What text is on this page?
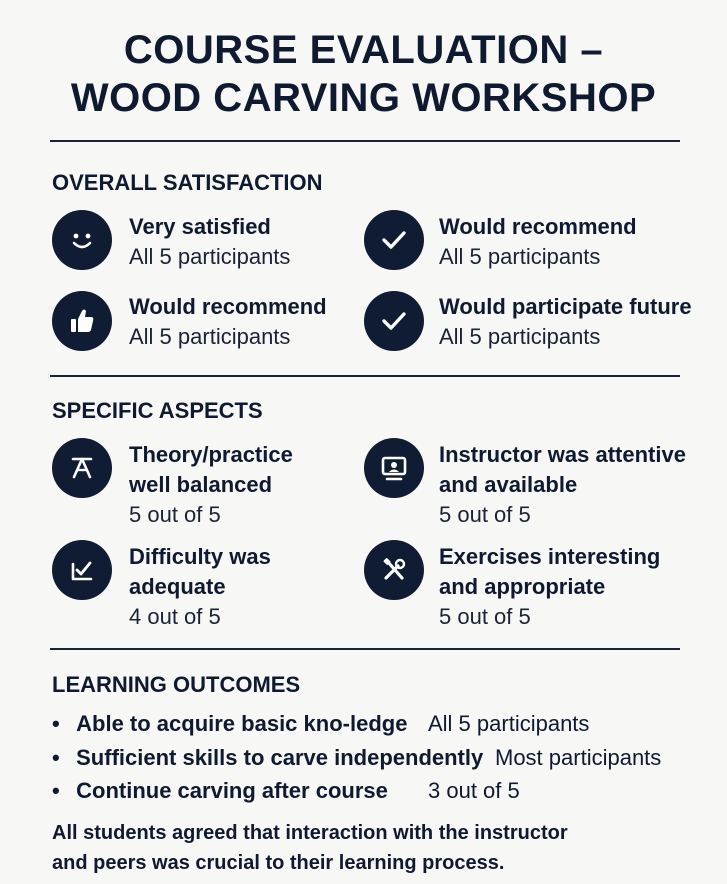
COURSE EVALUATION –
WOOD CARVING WORKSHOP
OVERALL SATISFACTION
Very satisfied
All 5 participants
Would recommend
All 5 participants
Would recommend
All 5 participants
Would participate future
All 5 participants
SPECIFIC ASPECTS
Theory/practice
well balanced
5 out of 5
Instructor was attentive
and available
5 out of 5
Difficulty was
adequate
4 out of 5
Exercises interesting
and appropriate
5 out of 5
LEARNING OUTCOMES
• Able to acquire basic kno-ledge All 5 participants
• Sufficient skills to carve independently Most participants
• Continue carving after course 3 out of 5
All students agreed that interaction with the instructor
and peers was crucial to their learning process.
